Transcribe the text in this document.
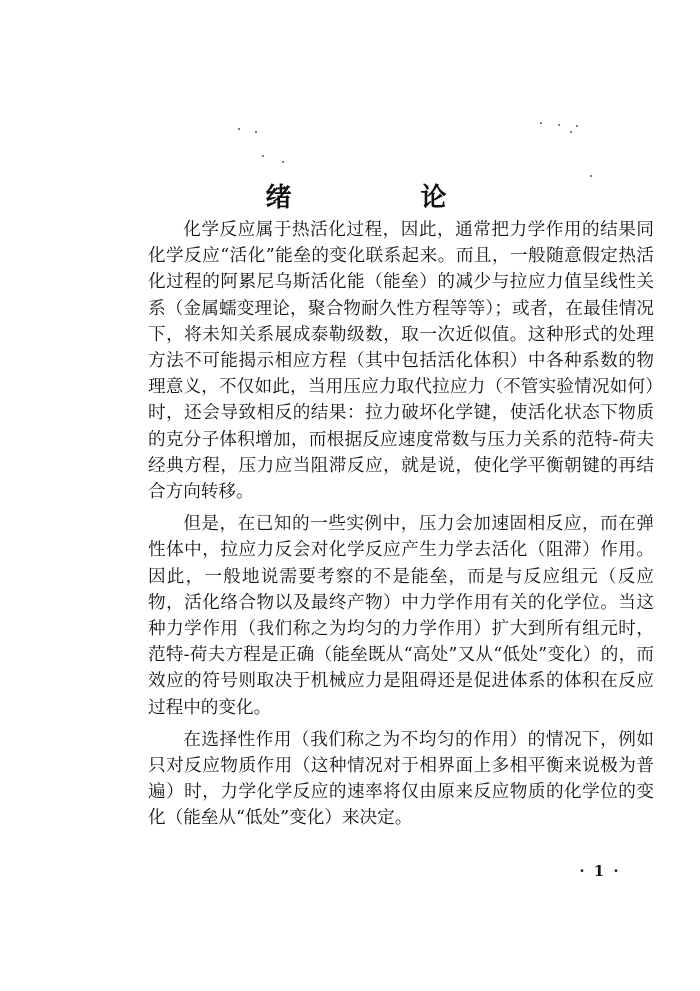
绪 论

化学反应属于热活化过程，因此，通常把力学作用的结果同化学反应“活化”能垒的变化联系起来。而且，一般随意假定热活化过程的阿累尼乌斯活化能（能垒）的减少与拉应力值呈线性关系（金属蠕变理论，聚合物耐久性方程等等）；或者，在最佳情况下，将未知关系展成泰勒级数，取一次近似值。这种形式的处理方法不可能揭示相应方程（其中包括活化体积）中各种系数的物理意义，不仅如此，当用压应力取代拉应力（不管实验情况如何）时，还会导致相反的结果：拉力破坏化学键，使活化状态下物质的克分子体积增加，而根据反应速度常数与压力关系的范特-荷夫经典方程，压力应当阻滞反应，就是说，使化学平衡朝键的再结合方向转移。

但是，在已知的一些实例中，压力会加速固相反应，而在弹性体中，拉应力反会对化学反应产生力学去活化（阻滞）作用。因此，一般地说需要考察的不是能垒，而是与反应组元（反应物，活化络合物以及最终产物）中力学作用有关的化学位。当这种力学作用（我们称之为均匀的力学作用）扩大到所有组元时，范特-荷夫方程是正确（能垒既从“高处”又从“低处”变化）的，而效应的符号则取决于机械应力是阻碍还是促进体系的体积在反应过程中的变化。

在选择性作用（我们称之为不均匀的作用）的情况下，例如只对反应物质作用（这种情况对于相界面上多相平衡来说极为普遍）时，力学化学反应的速率将仅由原来反应物质的化学位的变化（能垒从“低处”变化）来决定。

· 1 ·
